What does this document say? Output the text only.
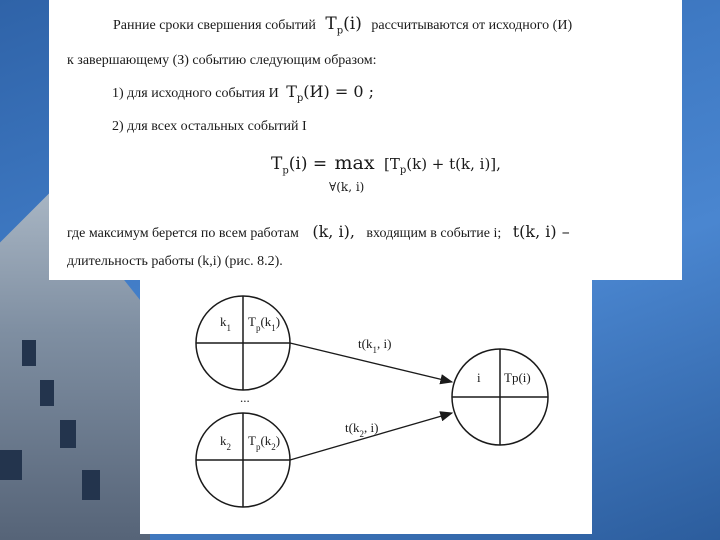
Ранние сроки свершения событий $T_p(i)$ рассчитываются от исходного (И)
к завершающему (З) событию следующим образом:
1) для исходного события И $T_p(И) = 0$ ;
2) для всех остальных событий I
$T_p(i) = \max [T_p(k) + t(k$, i)],
∀(k, i)
где максимум берется по всем работам (k, i), входящим в событие i; t(k, i) –
длительность работы (k,i) (рис. 8.2).
$k_1$ $T_p(k_1)$
...
$k_2$ $T_p(k_2)$
i Tp(i)
$t(k_1$, i)
$t(k_2$, i)
